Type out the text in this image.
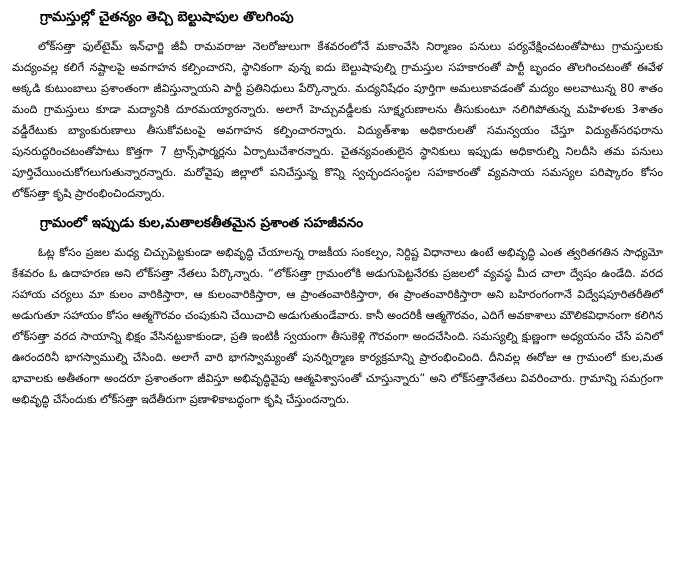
గ్రామస్తుల్లో చైతన్యం తెచ్చి బెల్టుషాపుల తొలగింపు

లోక్‌సత్తా ఫుల్‌టైమ్ ఇన్‌ఛార్జి జీవీ రామవరాజు నెలరోజులుగా కేశవరంలోనే మకాంవేసి నిర్మాణం పనులు పర్యవేక్షించటంతోపాటు గ్రామస్తులకు మద్యంవల్ల కలిగే నష్టాలపై అవగాహన కల్పించారని, స్థానికంగా వున్న ఐదు బెల్టుషాపుల్ని గ్రామస్తుల సహకారంతో పార్టీ బృందం తొలగించటంతో ఈవేళ అక్కడి కుటుంబాలు ప్రశాంతంగా జీవిస్తున్నాయని పార్టీ ప్రతినిధులు పేర్కొన్నారు. మద్యనిషేధం పూర్తిగా అమలుకావడంతో మద్యం అలవాటున్న 80 శాతం మంది గ్రామస్తులు కూడా మద్యానికి దూరమయ్యారన్నారు. అలాగే హెచ్చువడ్డీలకు సూక్ష్మరుణాలను తీసుకుంటూ నలిగిపోతున్న మహిళలకు 3శాతం వడ్డీరేటుకు బ్యాంకురుణాలు తీసుకోవటంపై అవగాహన కల్పించారన్నారు. విద్యుత్‌శాఖ అధికారులతో సమన్వయం చేస్తూ విద్యుత్‌సరఫరాను పునరుద్ధరించటంతోపాటు కొత్తగా 7 ట్రాన్స్‌ఫార్మర్లను ఏర్పాటుచేశారన్నారు. చైతన్యవంతులైన స్థానికులు ఇప్పుడు అధికారుల్ని నిలదీసి తమ పనులు పూర్తిచేయించుకోగలుగుతున్నారన్నారు. మరోవైపు జిల్లాలో పనిచేస్తున్న కొన్ని స్వచ్ఛందసంస్థల సహకారంతో వ్యవసాయ సమస్యల పరిష్కారం కోసం లోక్‌సత్తా కృషి ప్రారంభించిందన్నారు.

గ్రామంలో ఇప్పుడు కుల,మతాలకతీతమైన ప్రశాంత సహజీవనం

ఓట్ల కోసం ప్రజల మధ్య చిచ్చుపెట్టకుండా అభివృద్ధి చేయాలన్న రాజకీయ సంకల్పం, నిర్దిష్ట విధానాలు ఉంటే అభివృద్ధి ఎంత త్వరితగతిన సాధ్యమో కేశవరం ఓ ఉదాహరణ అని లోక్‌సత్తా నేతలు పేర్కొన్నారు. “లోక్‌సత్తా గ్రామంలోకి అడుగుపెట్టనేరకు ప్రజలలో వ్యవస్థ మీద చాలా ద్వేషం ఉండేది. వరద సహాయ చర్యలు మా కులం వారికిస్తారా, ఆ కులంవారికిస్తారా, ఆ ప్రాంతంవారికిస్తారా, ఈ ప్రాంతంవారికిస్తారా అని బహిరంగంగానే విద్వేషపూరితరీతిలో అడుగుతూ సహాయం కోసం ఆత్మగౌరవం చంపుకుని చేయిచాచి అడుగుతుండేవారు. కానీ అందరికీ ఆత్మగౌరవం, ఎదిగే అవకాశాలు మౌలికవిధానంగా కలిగిన లోక్‌సత్తా వరద సాయాన్ని భిక్షం వేసినట్టుకాకుండా, ప్రతి ఇంటికీ స్వయంగా తీసుకెళ్లి గౌరవంగా అందచేసింది. సమస్యల్ని క్షుణ్ణంగా అధ్యయనం చేసే పనిలో ఊరందరినీ భాగస్వాముల్ని చేసింది. అలాగే వారి భాగస్వామ్యంతో పునర్నిర్మాణ కార్యక్రమాన్ని ప్రారంభించింది. దీనివల్ల ఈరోజు ఆ గ్రామంలో కుల,మత భావాలకు అతీతంగా అందరూ ప్రశాంతంగా జీవిస్తూ అభివృద్ధివైపు ఆత్మవిశ్వాసంతో చూస్తున్నారు” అని లోక్‌సత్తానేతలు వివరించారు. గ్రామాన్ని సమగ్రంగా అభివృద్ధి చేసేందుకు లోక్‌సత్తా ఇదేతీరుగా ప్రణాళికాబద్ధంగా కృషి చేస్తుందన్నారు.
